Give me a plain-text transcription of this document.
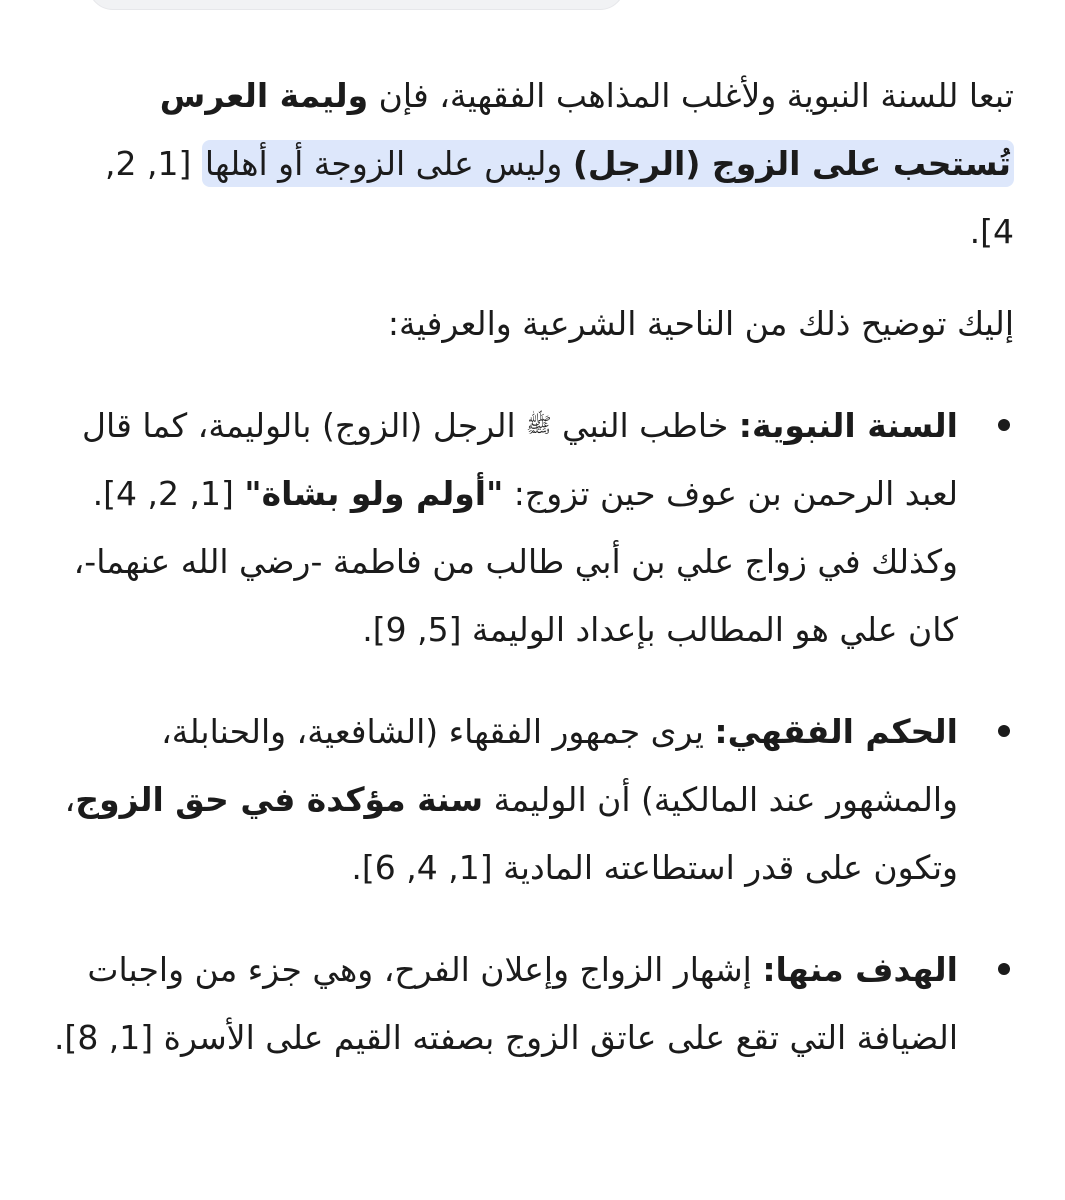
تبعا للسنة النبوية ولأغلب المذاهب الفقهية، فإن وليمة العرس تُستحب على الزوج (الرجل) وليس على الزوجة أو أهلها [1, 2, 4].

إليك توضيح ذلك من الناحية الشرعية والعرفية:

السنة النبوية: خاطب النبي ﷺ الرجل (الزوج) بالوليمة، كما قال لعبد الرحمن بن عوف حين تزوج: "أولم ولو بشاة" [1, 2, 4]. وكذلك في زواج علي بن أبي طالب من فاطمة -رضي الله عنهما-، كان علي هو المطالب بإعداد الوليمة [5, 9].
الحكم الفقهي: يرى جمهور الفقهاء (الشافعية، والحنابلة، والمشهور عند المالكية) أن الوليمة سنة مؤكدة في حق الزوج، وتكون على قدر استطاعته المادية [1, 4, 6].
الهدف منها: إشهار الزواج وإعلان الفرح، وهي جزء من واجبات الضيافة التي تقع على عاتق الزوج بصفته القيم على الأسرة [1, 8].
